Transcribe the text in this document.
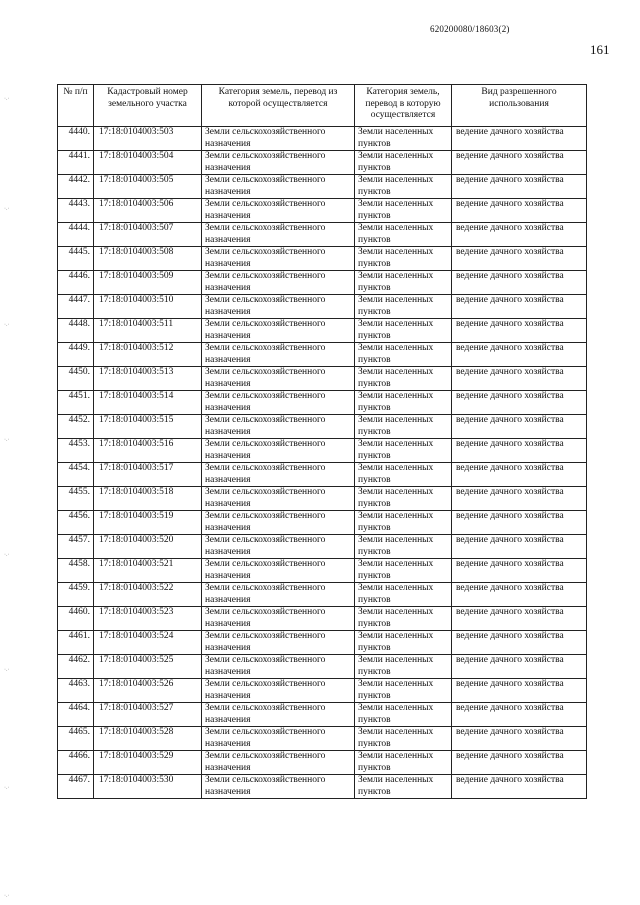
620200080/18603(2)
161
·.·
·.·
·.·
·.·
·.·
·.·
·.·
·.·
№ п/п	Кадастровый номер земельного участка	Категория земель, перевод из которой осуществляется	Категория земель, перевод в которую осуществляется	Вид разрешенного использования
4440.	17:18:0104003:503	Земли сельскохозяйственного назначения	Земли населенных пунктов	ведение дачного хозяйства
4441.	17:18:0104003:504	Земли сельскохозяйственного назначения	Земли населенных пунктов	ведение дачного хозяйства
4442.	17:18:0104003:505	Земли сельскохозяйственного назначения	Земли населенных пунктов	ведение дачного хозяйства
4443.	17:18:0104003:506	Земли сельскохозяйственного назначения	Земли населенных пунктов	ведение дачного хозяйства
4444.	17:18:0104003:507	Земли сельскохозяйственного назначения	Земли населенных пунктов	ведение дачного хозяйства
4445.	17:18:0104003:508	Земли сельскохозяйственного назначения	Земли населенных пунктов	ведение дачного хозяйства
4446.	17:18:0104003:509	Земли сельскохозяйственного назначения	Земли населенных пунктов	ведение дачного хозяйства
4447.	17:18:0104003:510	Земли сельскохозяйственного назначения	Земли населенных пунктов	ведение дачного хозяйства
4448.	17:18:0104003:511	Земли сельскохозяйственного назначения	Земли населенных пунктов	ведение дачного хозяйства
4449.	17:18:0104003:512	Земли сельскохозяйственного назначения	Земли населенных пунктов	ведение дачного хозяйства
4450.	17:18:0104003:513	Земли сельскохозяйственного назначения	Земли населенных пунктов	ведение дачного хозяйства
4451.	17:18:0104003:514	Земли сельскохозяйственного назначения	Земли населенных пунктов	ведение дачного хозяйства
4452.	17:18:0104003:515	Земли сельскохозяйственного назначения	Земли населенных пунктов	ведение дачного хозяйства
4453.	17:18:0104003:516	Земли сельскохозяйственного назначения	Земли населенных пунктов	ведение дачного хозяйства
4454.	17:18:0104003:517	Земли сельскохозяйственного назначения	Земли населенных пунктов	ведение дачного хозяйства
4455.	17:18:0104003:518	Земли сельскохозяйственного назначения	Земли населенных пунктов	ведение дачного хозяйства
4456.	17:18:0104003:519	Земли сельскохозяйственного назначения	Земли населенных пунктов	ведение дачного хозяйства
4457.	17:18:0104003:520	Земли сельскохозяйственного назначения	Земли населенных пунктов	ведение дачного хозяйства
4458.	17:18:0104003:521	Земли сельскохозяйственного назначения	Земли населенных пунктов	ведение дачного хозяйства
4459.	17:18:0104003:522	Земли сельскохозяйственного назначения	Земли населенных пунктов	ведение дачного хозяйства
4460.	17:18:0104003:523	Земли сельскохозяйственного назначения	Земли населенных пунктов	ведение дачного хозяйства
4461.	17:18:0104003:524	Земли сельскохозяйственного назначения	Земли населенных пунктов	ведение дачного хозяйства
4462.	17:18:0104003:525	Земли сельскохозяйственного назначения	Земли населенных пунктов	ведение дачного хозяйства
4463.	17:18:0104003:526	Земли сельскохозяйственного назначения	Земли населенных пунктов	ведение дачного хозяйства
4464.	17:18:0104003:527	Земли сельскохозяйственного назначения	Земли населенных пунктов	ведение дачного хозяйства
4465.	17:18:0104003:528	Земли сельскохозяйственного назначения	Земли населенных пунктов	ведение дачного хозяйства
4466.	17:18:0104003:529	Земли сельскохозяйственного назначения	Земли населенных пунктов	ведение дачного хозяйства
4467.	17:18:0104003:530	Земли сельскохозяйственного назначения	Земли населенных пунктов	ведение дачного хозяйства
